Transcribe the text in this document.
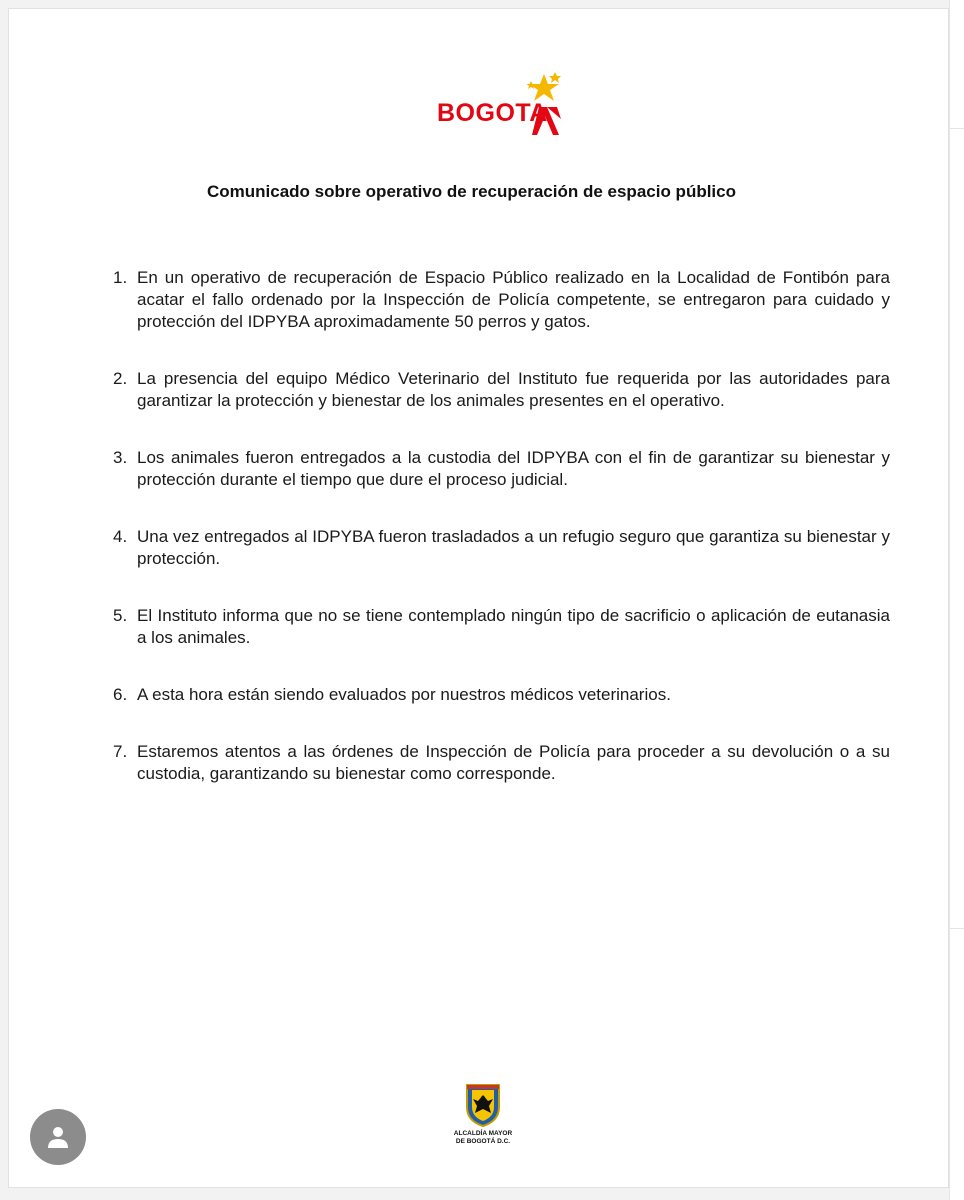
BOGOTA
Comunicado sobre operativo de recuperación de espacio público
1. En un operativo de recuperación de Espacio Público realizado en la Localidad de Fontibón para acatar el fallo ordenado por la Inspección de Policía competente, se entregaron para cuidado y protección del IDPYBA aproximadamente 50 perros y gatos.
2. La presencia del equipo Médico Veterinario del Instituto fue requerida por las autoridades para garantizar la protección y bienestar de los animales presentes en el operativo.
3. Los animales fueron entregados a la custodia del IDPYBA con el fin de garantizar su bienestar y protección durante el tiempo que dure el proceso judicial.
4. Una vez entregados al IDPYBA fueron trasladados a un refugio seguro que garantiza su bienestar y protección.
5. El Instituto informa que no se tiene contemplado ningún tipo de sacrificio o aplicación de eutanasia a los animales.
6. A esta hora están siendo evaluados por nuestros médicos veterinarios.
7. Estaremos atentos a las órdenes de Inspección de Policía para proceder a su devolución o a su custodia, garantizando su bienestar como corresponde.
ALCALDÍA MAYOR
DE BOGOTÁ D.C.
